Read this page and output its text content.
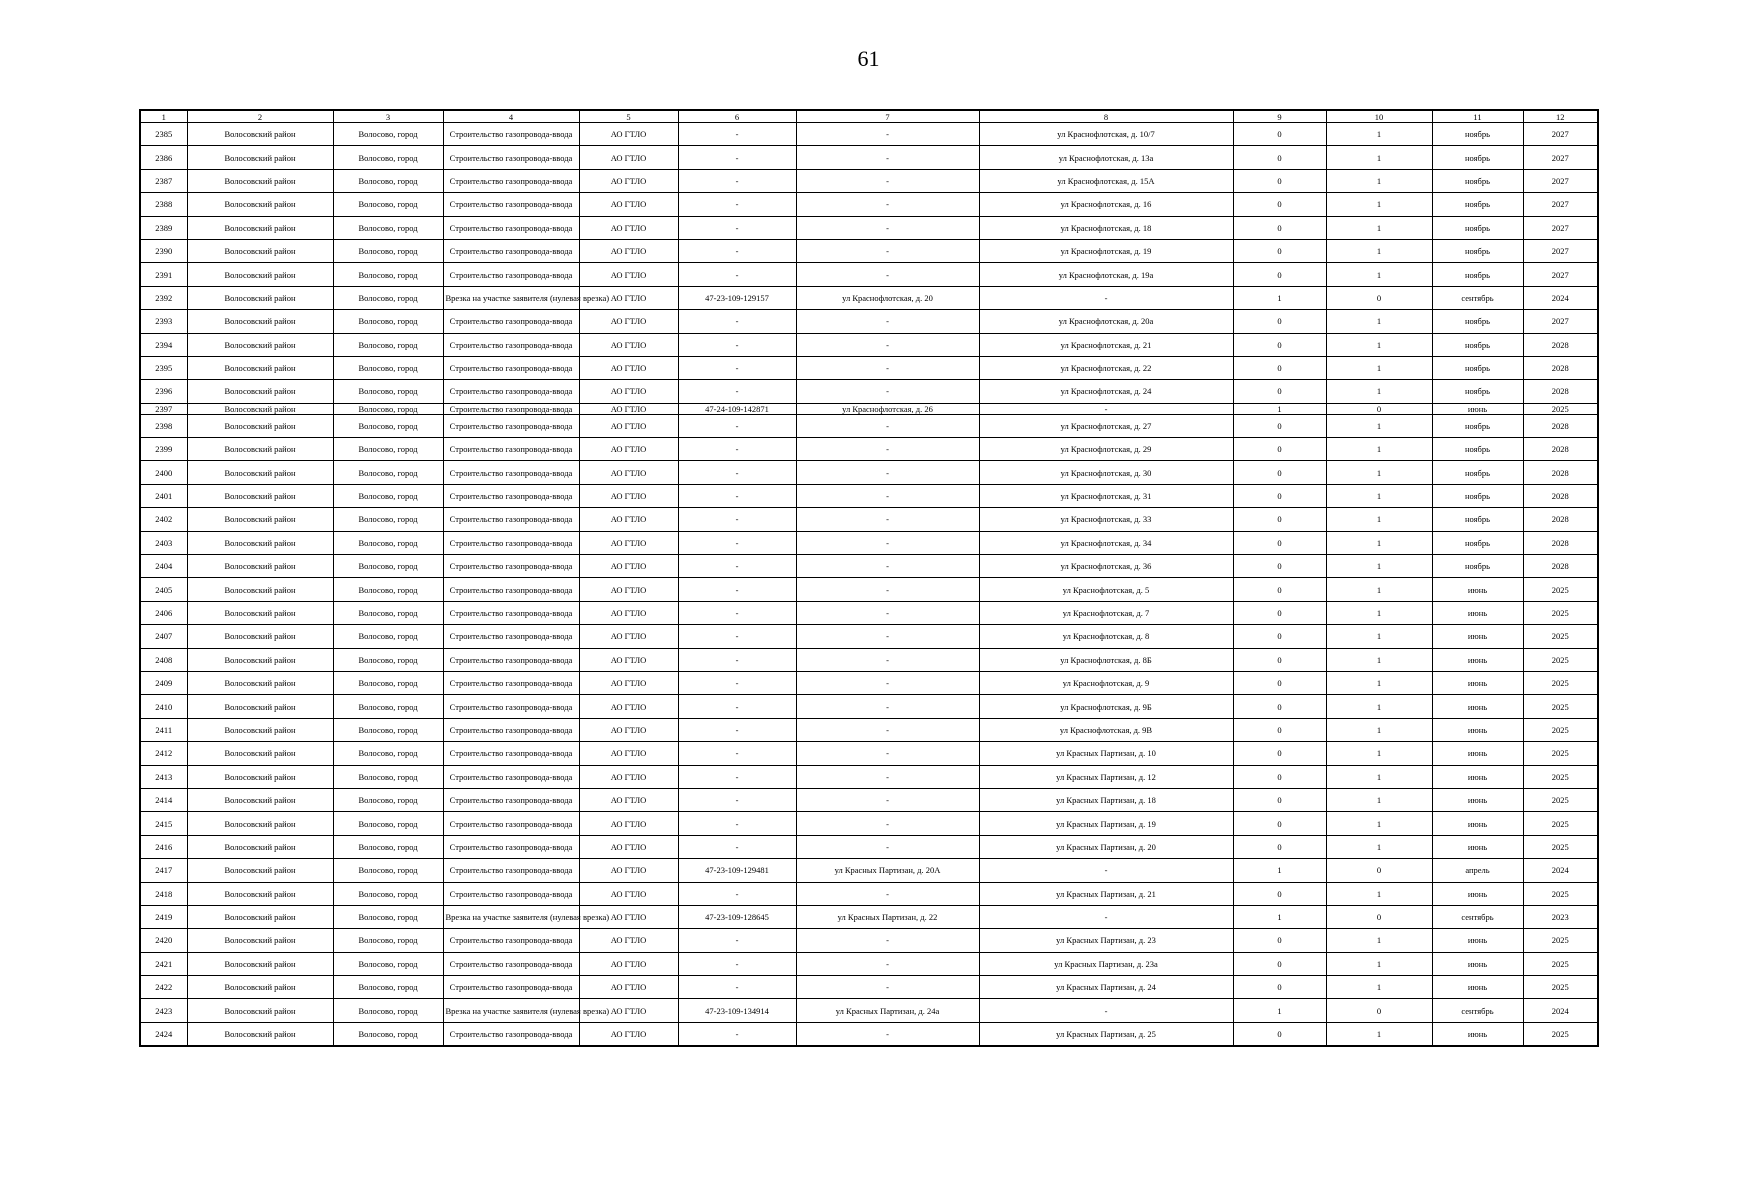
61
1	2	3	4	5	6	7	8	9	10	11	12
2385	Волосовский район	Волосово, город	Строительство газопровода-ввода	АО ГТЛО	-	-	ул Краснофлотская, д. 10/7	0	1	ноябрь	2027
2386	Волосовский район	Волосово, город	Строительство газопровода-ввода	АО ГТЛО	-	-	ул Краснофлотская, д. 13а	0	1	ноябрь	2027
2387	Волосовский район	Волосово, город	Строительство газопровода-ввода	АО ГТЛО	-	-	ул Краснофлотская, д. 15А	0	1	ноябрь	2027
2388	Волосовский район	Волосово, город	Строительство газопровода-ввода	АО ГТЛО	-	-	ул Краснофлотская, д. 16	0	1	ноябрь	2027
2389	Волосовский район	Волосово, город	Строительство газопровода-ввода	АО ГТЛО	-	-	ул Краснофлотская, д. 18	0	1	ноябрь	2027
2390	Волосовский район	Волосово, город	Строительство газопровода-ввода	АО ГТЛО	-	-	ул Краснофлотская, д. 19	0	1	ноябрь	2027
2391	Волосовский район	Волосово, город	Строительство газопровода-ввода	АО ГТЛО	-	-	ул Краснофлотская, д. 19а	0	1	ноябрь	2027
2392	Волосовский район	Волосово, город	Врезка на участке заявителя (нулевая врезка)	АО ГТЛО	47-23-109-129157	ул Краснофлотская, д. 20	-	1	0	сентябрь	2024
2393	Волосовский район	Волосово, город	Строительство газопровода-ввода	АО ГТЛО	-	-	ул Краснофлотская, д. 20а	0	1	ноябрь	2027
2394	Волосовский район	Волосово, город	Строительство газопровода-ввода	АО ГТЛО	-	-	ул Краснофлотская, д. 21	0	1	ноябрь	2028
2395	Волосовский район	Волосово, город	Строительство газопровода-ввода	АО ГТЛО	-	-	ул Краснофлотская, д. 22	0	1	ноябрь	2028
2396	Волосовский район	Волосово, город	Строительство газопровода-ввода	АО ГТЛО	-	-	ул Краснофлотская, д. 24	0	1	ноябрь	2028
2397	Волосовский район	Волосово, город	Строительство газопровода-ввода	АО ГТЛО	47-24-109-142871	ул Краснофлотская, д. 26	-	1	0	июнь	2025
2398	Волосовский район	Волосово, город	Строительство газопровода-ввода	АО ГТЛО	-	-	ул Краснофлотская, д. 27	0	1	ноябрь	2028
2399	Волосовский район	Волосово, город	Строительство газопровода-ввода	АО ГТЛО	-	-	ул Краснофлотская, д. 29	0	1	ноябрь	2028
2400	Волосовский район	Волосово, город	Строительство газопровода-ввода	АО ГТЛО	-	-	ул Краснофлотская, д. 30	0	1	ноябрь	2028
2401	Волосовский район	Волосово, город	Строительство газопровода-ввода	АО ГТЛО	-	-	ул Краснофлотская, д. 31	0	1	ноябрь	2028
2402	Волосовский район	Волосово, город	Строительство газопровода-ввода	АО ГТЛО	-	-	ул Краснофлотская, д. 33	0	1	ноябрь	2028
2403	Волосовский район	Волосово, город	Строительство газопровода-ввода	АО ГТЛО	-	-	ул Краснофлотская, д. 34	0	1	ноябрь	2028
2404	Волосовский район	Волосово, город	Строительство газопровода-ввода	АО ГТЛО	-	-	ул Краснофлотская, д. 36	0	1	ноябрь	2028
2405	Волосовский район	Волосово, город	Строительство газопровода-ввода	АО ГТЛО	-	-	ул Краснофлотская, д. 5	0	1	июнь	2025
2406	Волосовский район	Волосово, город	Строительство газопровода-ввода	АО ГТЛО	-	-	ул Краснофлотская, д. 7	0	1	июнь	2025
2407	Волосовский район	Волосово, город	Строительство газопровода-ввода	АО ГТЛО	-	-	ул Краснофлотская, д. 8	0	1	июнь	2025
2408	Волосовский район	Волосово, город	Строительство газопровода-ввода	АО ГТЛО	-	-	ул Краснофлотская, д. 8Б	0	1	июнь	2025
2409	Волосовский район	Волосово, город	Строительство газопровода-ввода	АО ГТЛО	-	-	ул Краснофлотская, д. 9	0	1	июнь	2025
2410	Волосовский район	Волосово, город	Строительство газопровода-ввода	АО ГТЛО	-	-	ул Краснофлотская, д. 9Б	0	1	июнь	2025
2411	Волосовский район	Волосово, город	Строительство газопровода-ввода	АО ГТЛО	-	-	ул Краснофлотская, д. 9В	0	1	июнь	2025
2412	Волосовский район	Волосово, город	Строительство газопровода-ввода	АО ГТЛО	-	-	ул Красных Партизан, д. 10	0	1	июнь	2025
2413	Волосовский район	Волосово, город	Строительство газопровода-ввода	АО ГТЛО	-	-	ул Красных Партизан, д. 12	0	1	июнь	2025
2414	Волосовский район	Волосово, город	Строительство газопровода-ввода	АО ГТЛО	-	-	ул Красных Партизан, д. 18	0	1	июнь	2025
2415	Волосовский район	Волосово, город	Строительство газопровода-ввода	АО ГТЛО	-	-	ул Красных Партизан, д. 19	0	1	июнь	2025
2416	Волосовский район	Волосово, город	Строительство газопровода-ввода	АО ГТЛО	-	-	ул Красных Партизан, д. 20	0	1	июнь	2025
2417	Волосовский район	Волосово, город	Строительство газопровода-ввода	АО ГТЛО	47-23-109-129481	ул Красных Партизан, д. 20А	-	1	0	апрель	2024
2418	Волосовский район	Волосово, город	Строительство газопровода-ввода	АО ГТЛО	-	-	ул Красных Партизан, д. 21	0	1	июнь	2025
2419	Волосовский район	Волосово, город	Врезка на участке заявителя (нулевая врезка)	АО ГТЛО	47-23-109-128645	ул Красных Партизан, д. 22	-	1	0	сентябрь	2023
2420	Волосовский район	Волосово, город	Строительство газопровода-ввода	АО ГТЛО	-	-	ул Красных Партизан, д. 23	0	1	июнь	2025
2421	Волосовский район	Волосово, город	Строительство газопровода-ввода	АО ГТЛО	-	-	ул Красных Партизан, д. 23а	0	1	июнь	2025
2422	Волосовский район	Волосово, город	Строительство газопровода-ввода	АО ГТЛО	-	-	ул Красных Партизан, д. 24	0	1	июнь	2025
2423	Волосовский район	Волосово, город	Врезка на участке заявителя (нулевая врезка)	АО ГТЛО	47-23-109-134914	ул Красных Партизан, д. 24а	-	1	0	сентябрь	2024
2424	Волосовский район	Волосово, город	Строительство газопровода-ввода	АО ГТЛО	-	-	ул Красных Партизан, д. 25	0	1	июнь	2025
